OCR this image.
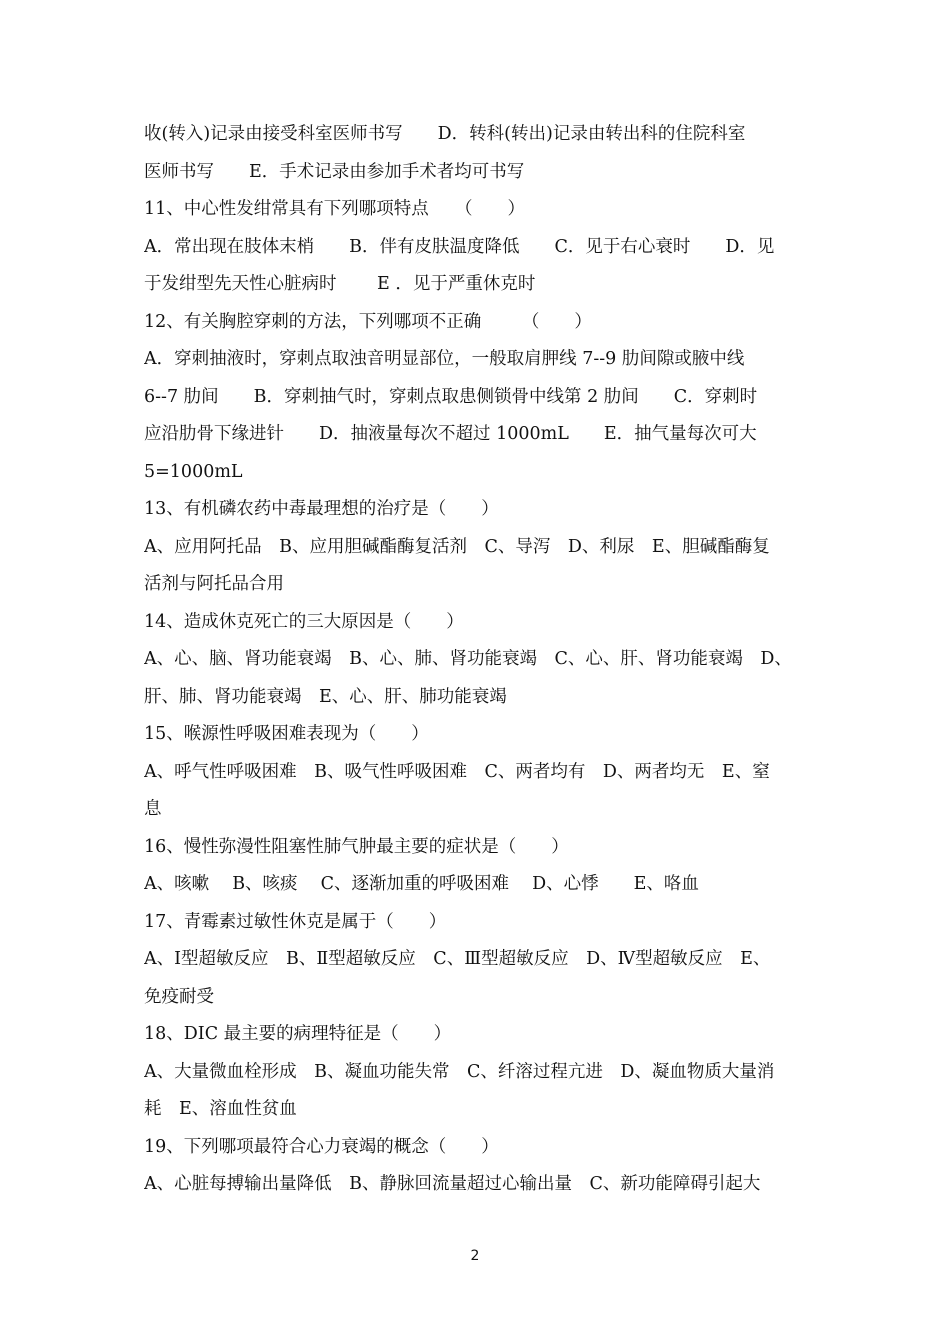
收(转入)记录由接受科室医师书写　　D．转科(转出)记录由转出科的住院科室
医师书写　　E．手术记录由参加手术者均可书写
11、中心性发绀常具有下列哪项特点　　（　　）
A．常出现在肢体末梢　　B．伴有皮肤温度降低　　C．见于右心衰时　　D．见
于发绀型先天性心脏病时　　 E ．见于严重休克时
12、有关胸腔穿刺的方法，下列哪项不正确　　 （　　）
A．穿刺抽液时，穿刺点取浊音明显部位，一般取肩胛线 7--9 肋间隙或腋中线
6--7 肋间　　B．穿刺抽气时，穿刺点取患侧锁骨中线第 2 肋间　　C．穿刺时
应沿肋骨下缘进针　　D．抽液量每次不超过 1000mL　　E．抽气量每次可大
5=1000mL
13、有机磷农药中毒最理想的治疗是（　　）
A、应用阿托品　B、应用胆碱酯酶复活剂　C、导泻　D、利尿　E、胆碱酯酶复
活剂与阿托品合用
14、造成休克死亡的三大原因是（　　）
A、心、脑、肾功能衰竭　B、心、肺、肾功能衰竭　C、心、肝、肾功能衰竭　D、
肝、肺、肾功能衰竭　E、心、肝、肺功能衰竭
15、喉源性呼吸困难表现为（　　）
A、呼气性呼吸困难　B、吸气性呼吸困难　C、两者均有　D、两者均无　E、窒
息
16、慢性弥漫性阻塞性肺气肿最主要的症状是（　　）
A、咳嗽　 B、咳痰　 C、逐渐加重的呼吸困难　 D、心悸　　E、咯血
17、青霉素过敏性休克是属于（　　）
A、Ⅰ型超敏反应　B、Ⅱ型超敏反应　C、Ⅲ型超敏反应　D、Ⅳ型超敏反应　E、
免疫耐受
18、DIC 最主要的病理特征是（　　）
A、大量微血栓形成　B、凝血功能失常　C、纤溶过程亢进　D、凝血物质大量消
耗　E、溶血性贫血
19、下列哪项最符合心力衰竭的概念（　　）
A、心脏每搏输出量降低　B、静脉回流量超过心输出量　C、新功能障碍引起大
2
